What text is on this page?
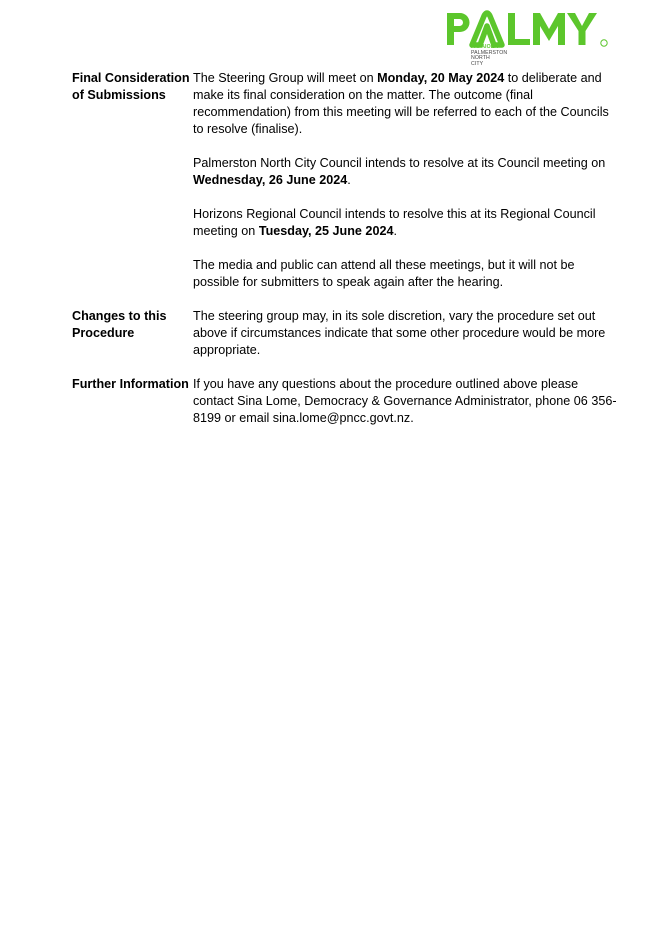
PAPAIOEA
PALMERSTON
NORTH
CITY
Final Consideration of Submissions

The Steering Group will meet on Monday, 20 May 2024 to deliberate and make its final consideration on the matter. The outcome (final recommendation) from this meeting will be referred to each of the Councils to resolve (finalise).

Palmerston North City Council intends to resolve at its Council meeting on Wednesday, 26 June 2024.

Horizons Regional Council intends to resolve this at its Regional Council meeting on Tuesday, 25 June 2024.

The media and public can attend all these meetings, but it will not be possible for submitters to speak again after the hearing.

Changes to this Procedure

The steering group may, in its sole discretion, vary the procedure set out above if circumstances indicate that some other procedure would be more appropriate.

Further Information If you have any questions about the procedure outlined above please contact Sina Lome, Democracy & Governance Administrator, phone 06 356-8199 or email sina.lome@pncc.govt.nz.
